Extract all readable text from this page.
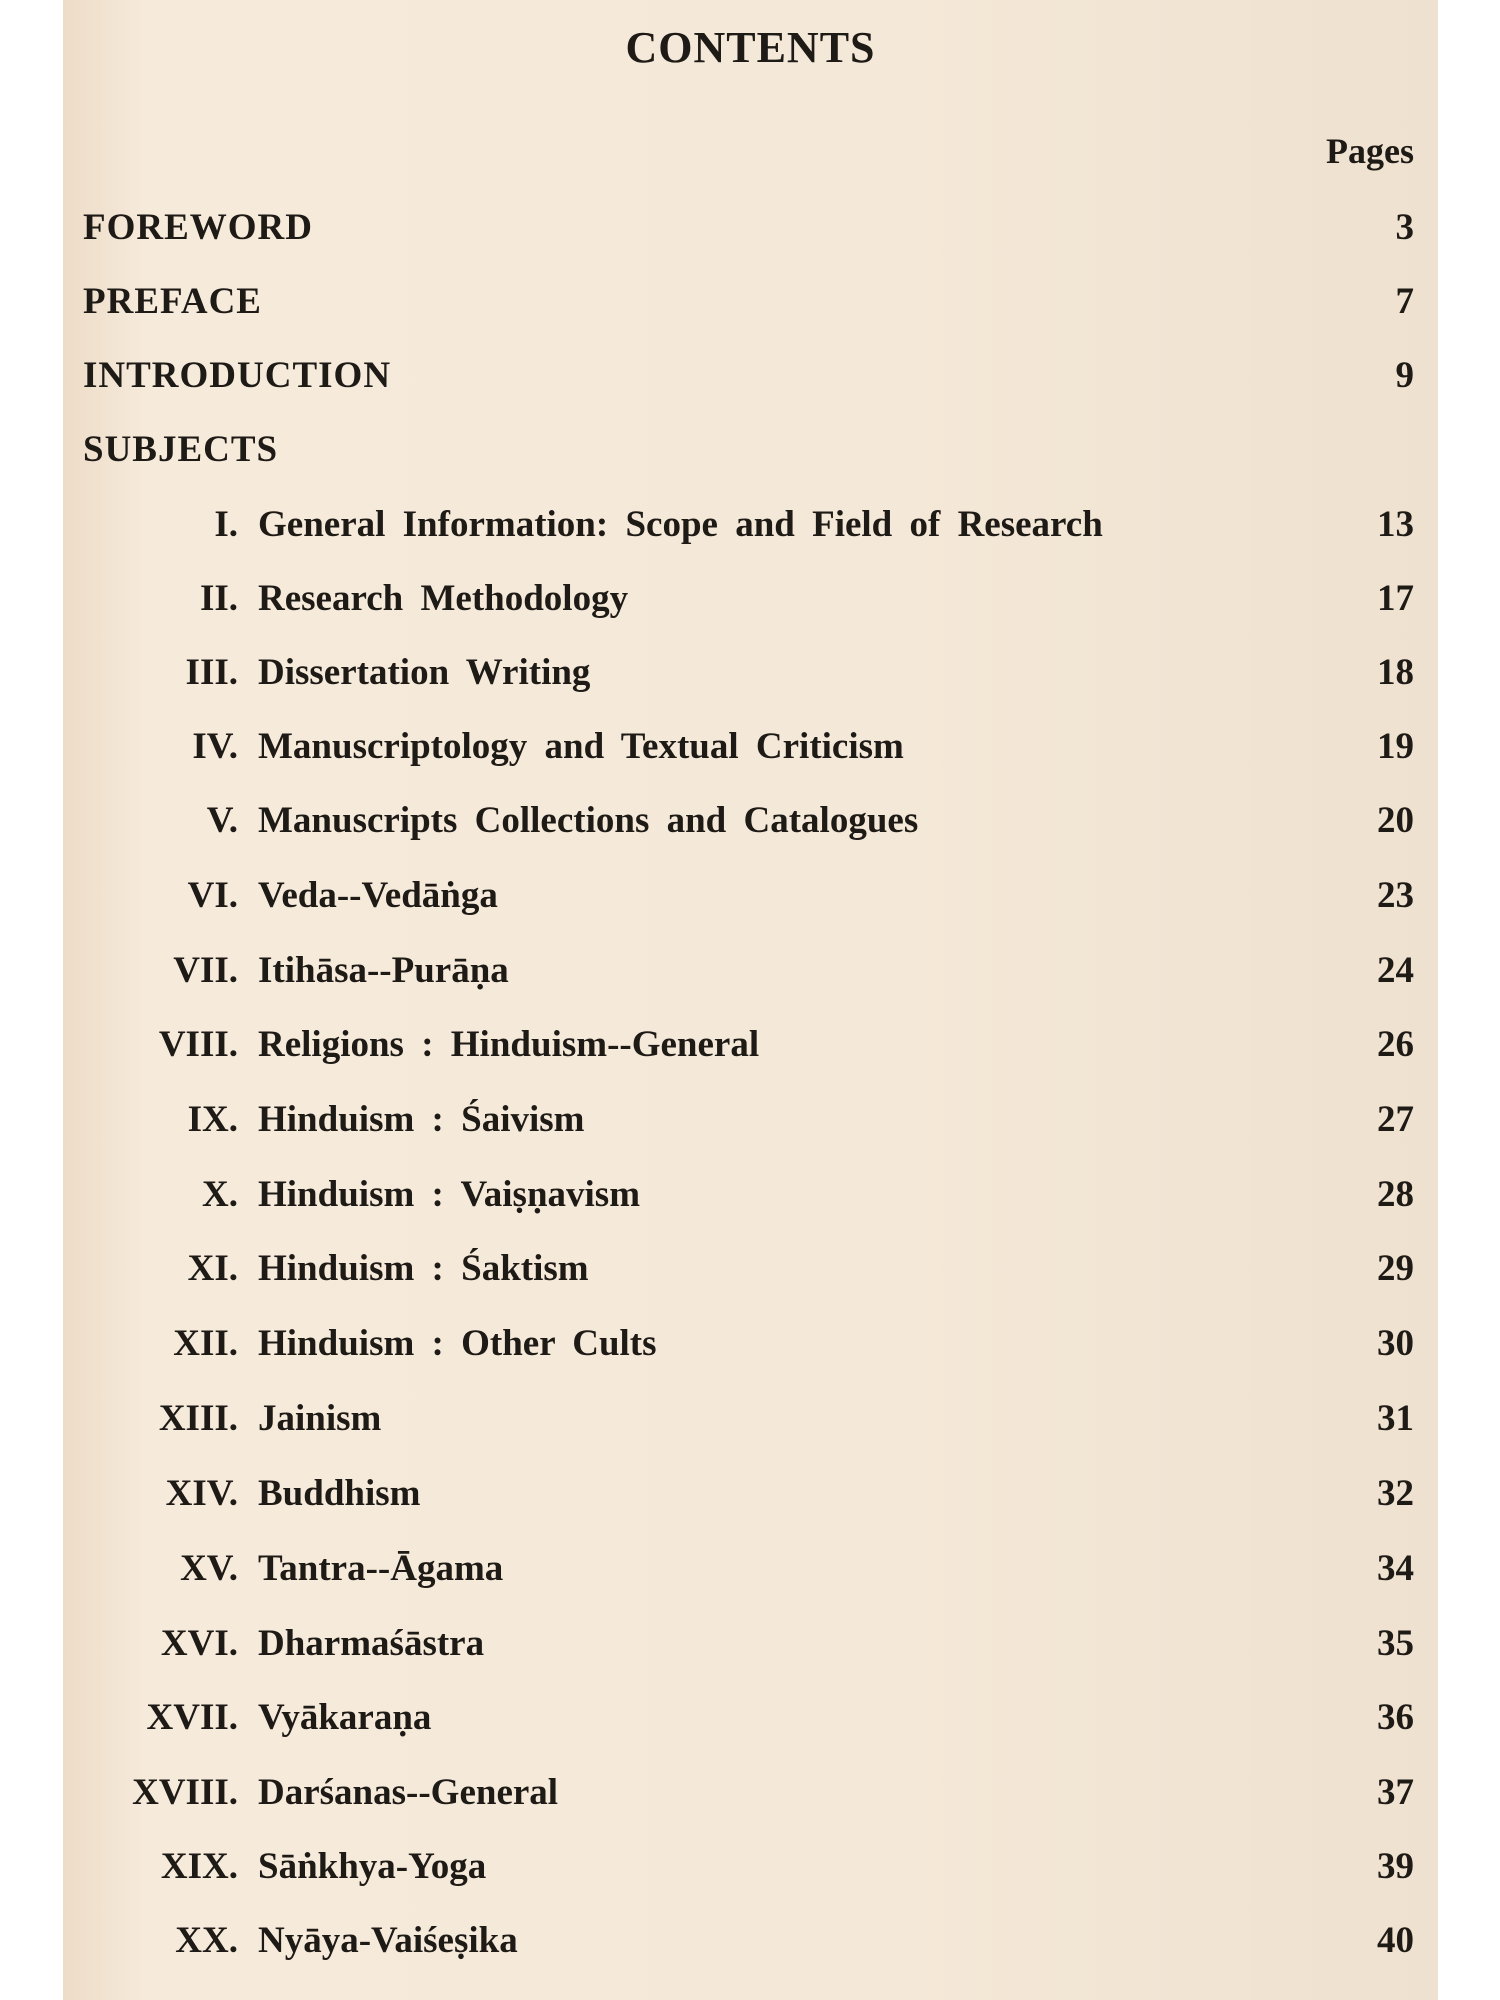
CONTENTS
Pages
FOREWORD	3
PREFACE	7
INTRODUCTION	9
SUBJECTS
I. General Information: Scope and Field of Research	13
II. Research Methodology	17
III. Dissertation Writing	18
IV. Manuscriptology and Textual Criticism	19
V. Manuscripts Collections and Catalogues	20
VI. Veda--Vedāṅga	23
VII. Itihāsa--Purāṇa	24
VIII. Religions : Hinduism--General	26
IX. Hinduism : Śaivism	27
X. Hinduism : Vaiṣṇavism	28
XI. Hinduism : Śaktism	29
XII. Hinduism : Other Cults	30
XIII. Jainism	31
XIV. Buddhism	32
XV. Tantra--Āgama	34
XVI. Dharmaśāstra	35
XVII. Vyākaraṇa	36
XVIII. Darśanas--General	37
XIX. Sāṅkhya-Yoga	39
XX. Nyāya-Vaiśeṣika	40
